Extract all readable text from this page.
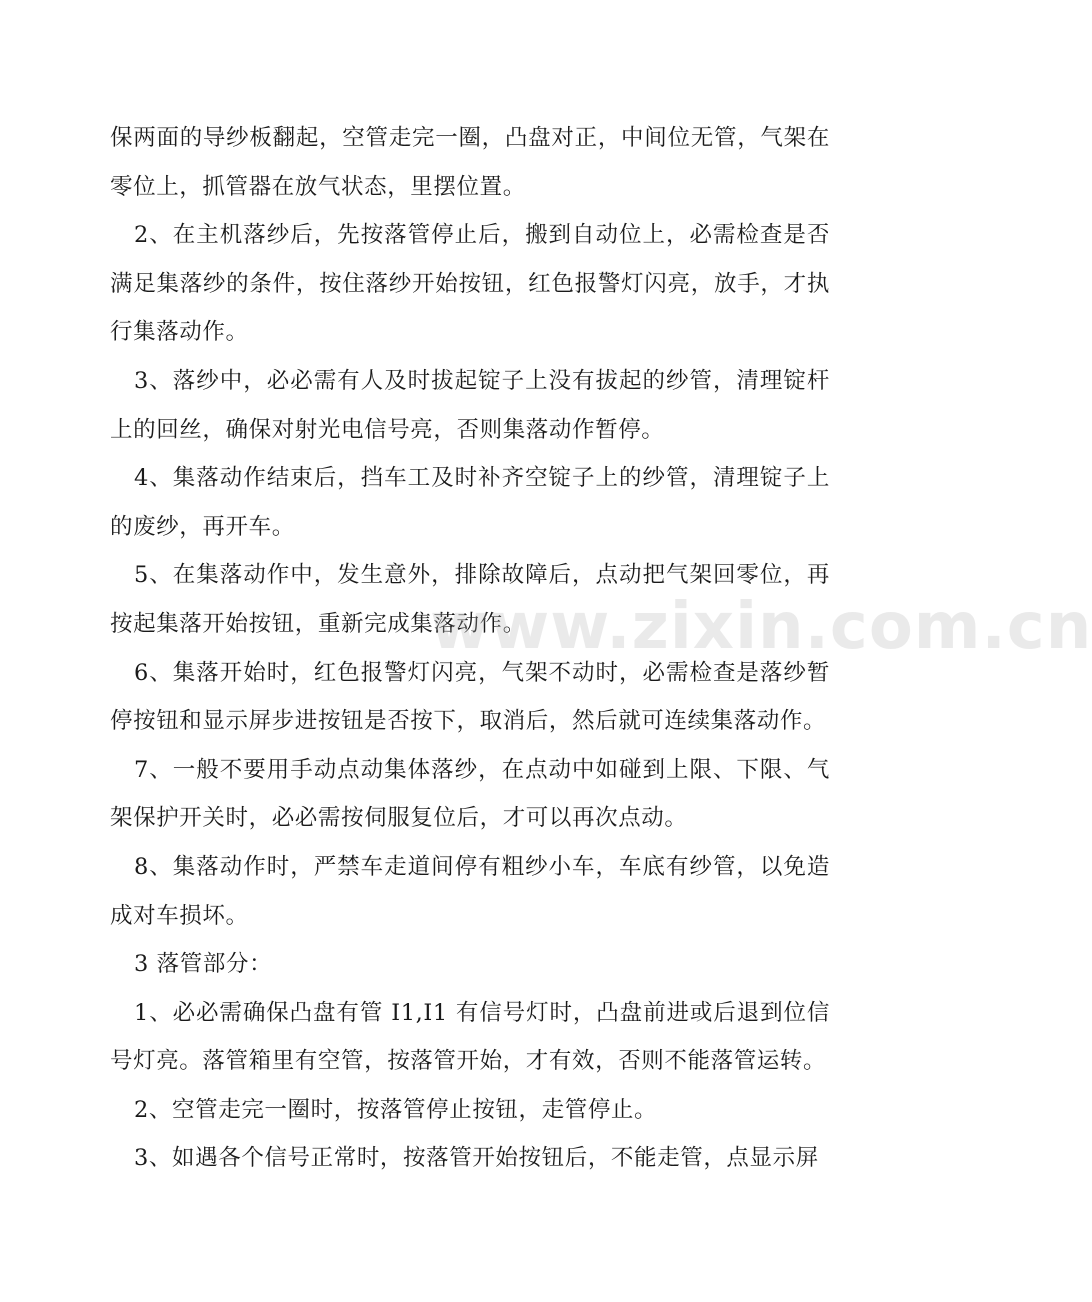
保两面的导纱板翻起，空管走完一圈，凸盘对正，中间位无管，气架在零位上，抓管器在放气状态，里摆位置。

2、在主机落纱后，先按落管停止后，搬到自动位上，必需检查是否满足集落纱的条件，按住落纱开始按钮，红色报警灯闪亮，放手，才执行集落动作。

3、落纱中，必必需有人及时拔起锭子上没有拔起的纱管，清理锭杆上的回丝，确保对射光电信号亮，否则集落动作暂停。

4、集落动作结束后，挡车工及时补齐空锭子上的纱管，清理锭子上的废纱，再开车。

5、在集落动作中，发生意外，排除故障后，点动把气架回零位，再按起集落开始按钮，重新完成集落动作。

6、集落开始时，红色报警灯闪亮，气架不动时，必需检查是落纱暂停按钮和显示屏步进按钮是否按下，取消后，然后就可连续集落动作。

7、一般不要用手动点动集体落纱，在点动中如碰到上限、下限、气架保护开关时，必必需按伺服复位后，才可以再次点动。

8、集落动作时，严禁车走道间停有粗纱小车，车底有纱管，以免造成对车损坏。

3 落管部分：

1、必必需确保凸盘有管 I1,I1 有信号灯时，凸盘前进或后退到位信号灯亮。落管箱里有空管，按落管开始，才有效，否则不能落管运转。

2、空管走完一圈时，按落管停止按钮，走管停止。

3、如遇各个信号正常时，按落管开始按钮后，不能走管，点显示屏

www.zixin.com.cn
